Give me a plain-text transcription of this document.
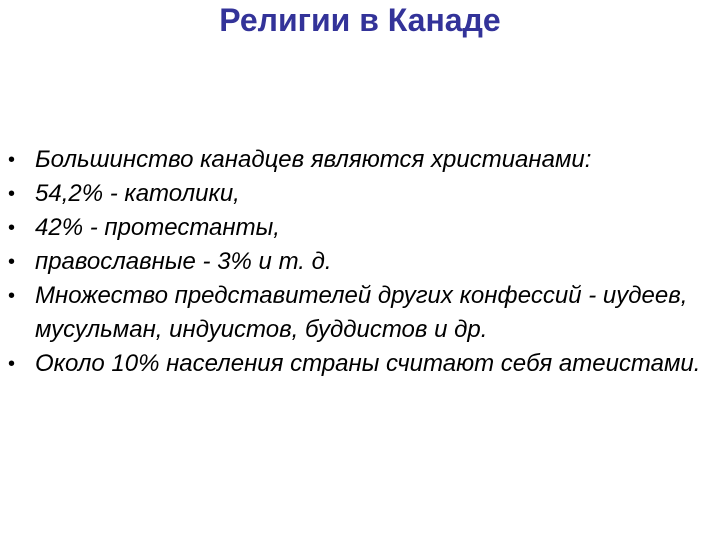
Религии в Канаде
• Большинство канадцев являются христианами:
• 54,2% - католики,
• 42% - протестанты,
• православные - 3% и т. д.
• Множество представителей других конфессий - иудеев, мусульман, индуистов, буддистов и др.
• Около 10% населения страны считают себя атеистами.
